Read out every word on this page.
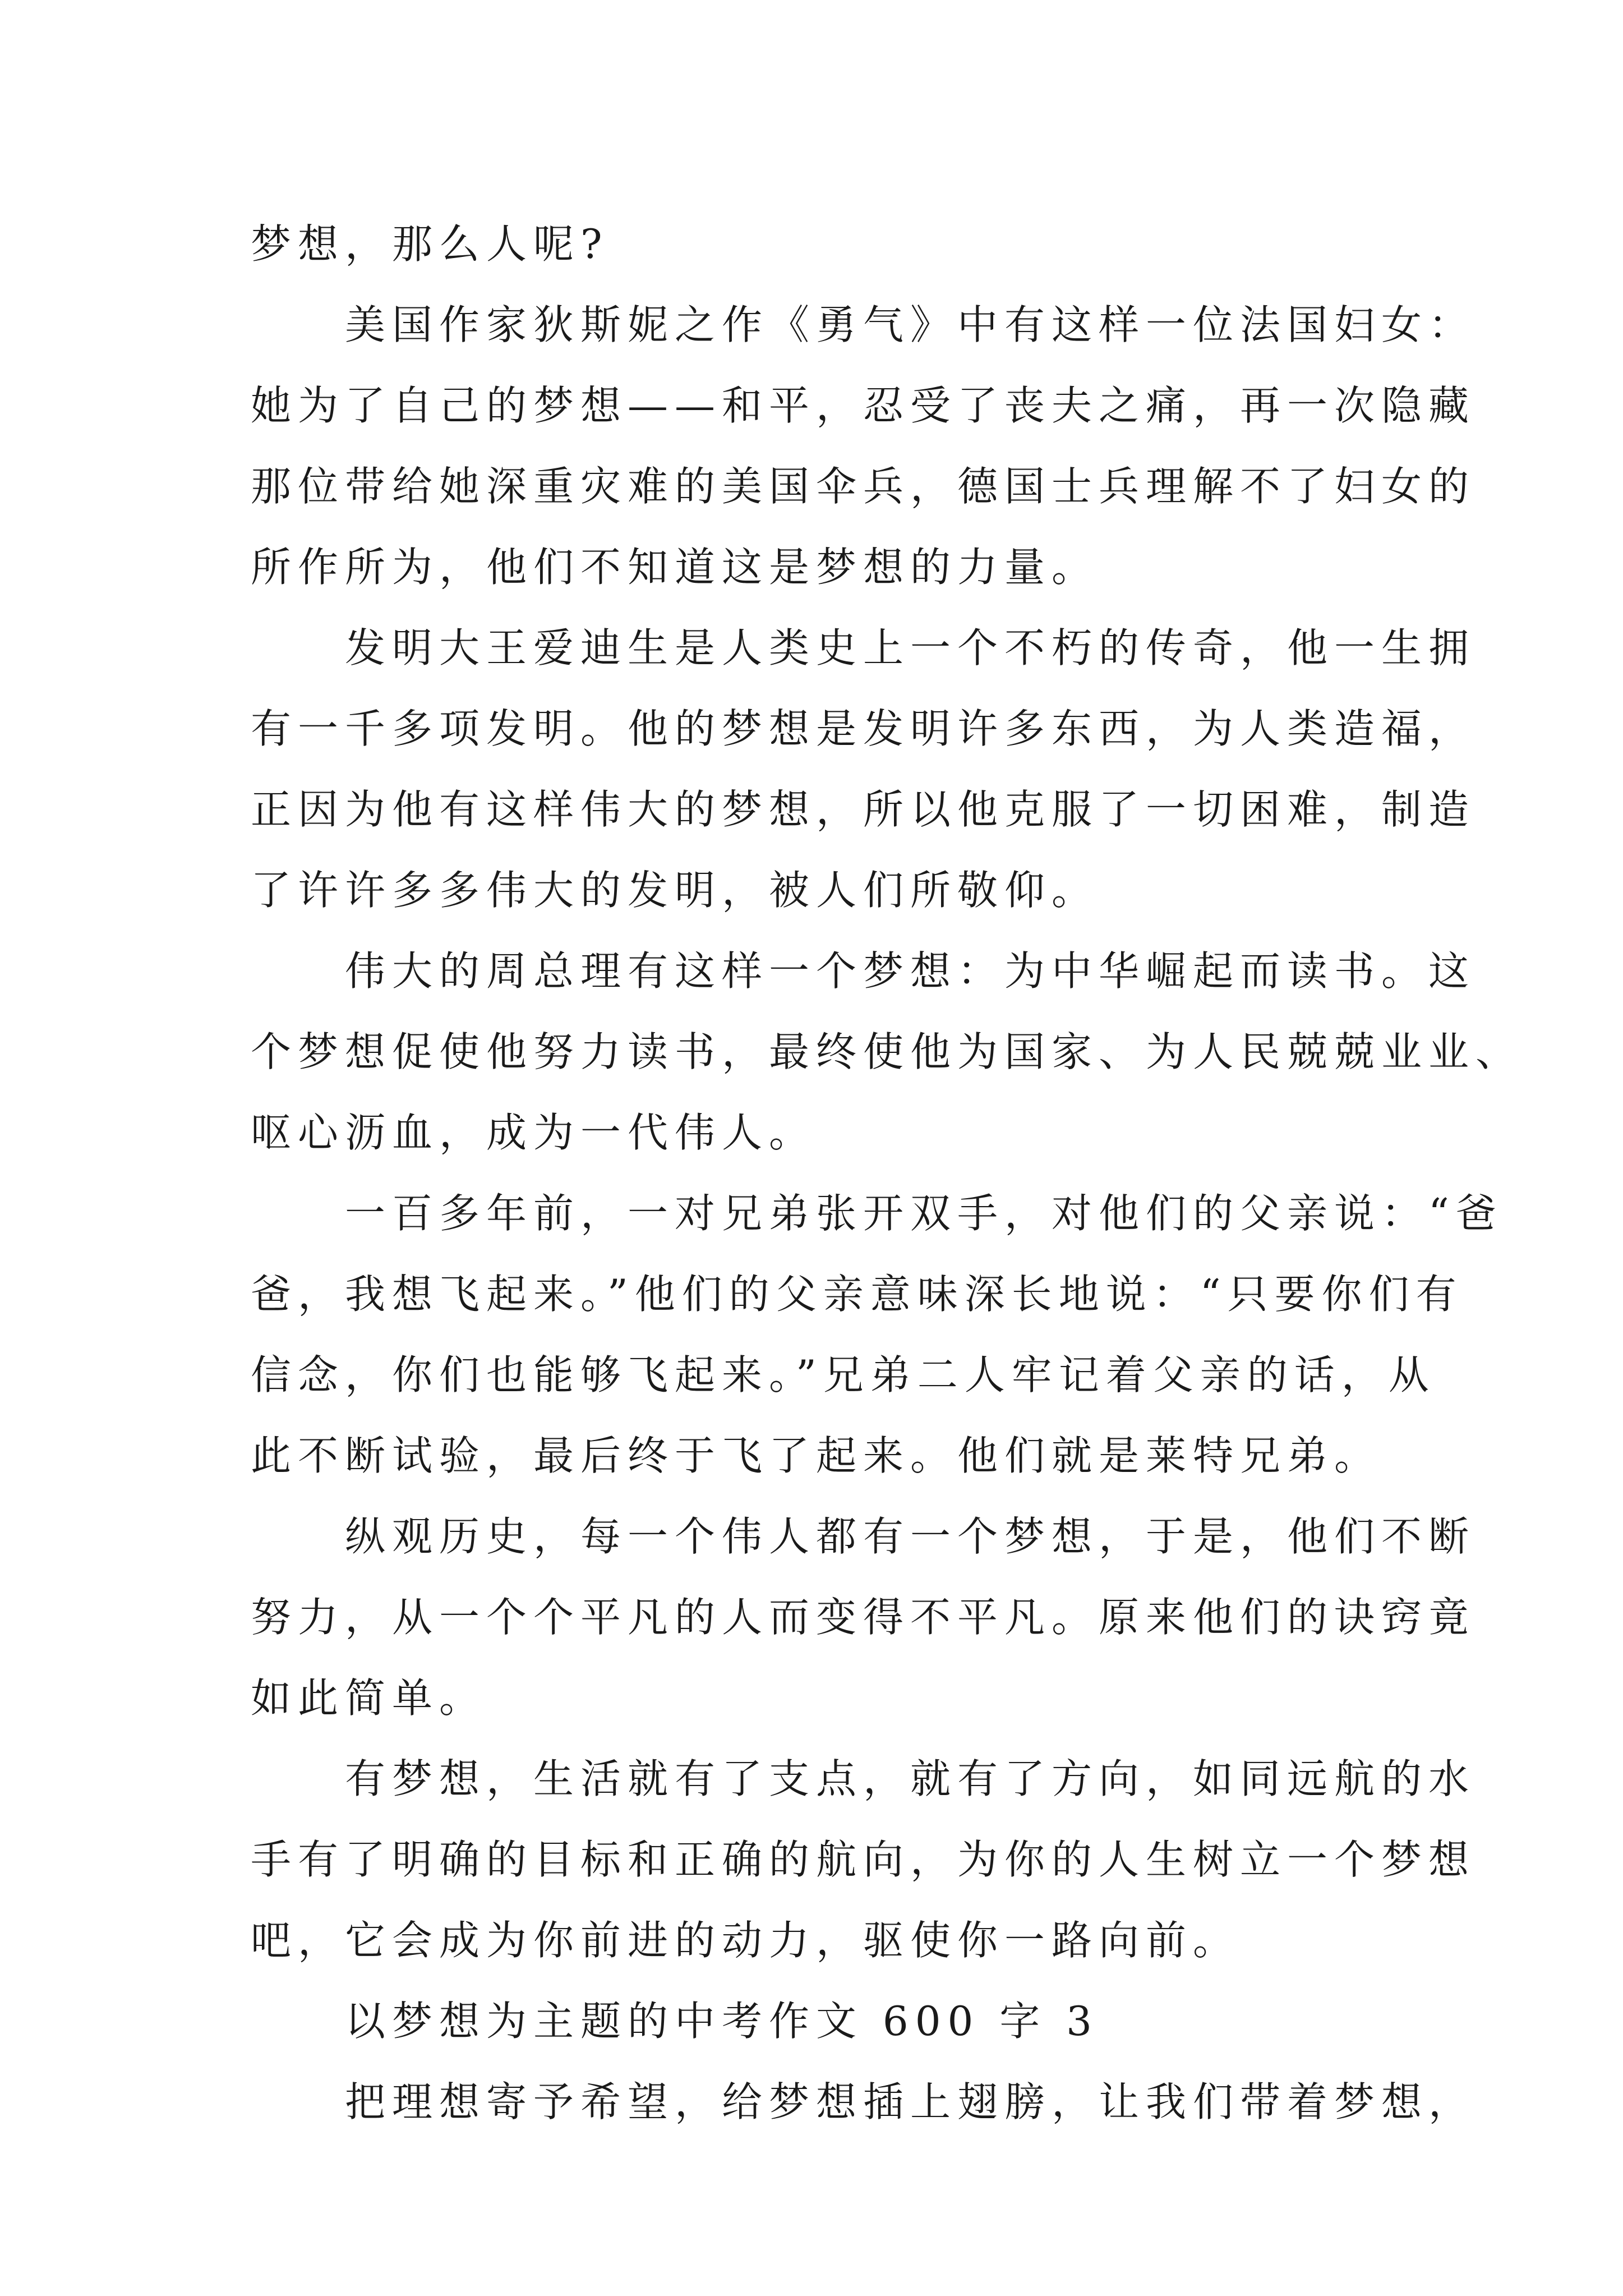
梦想，那么人呢?
美国作家狄斯妮之作《勇气》中有这样一位法国妇女：
她为了自己的梦想——和平，忍受了丧夫之痛，再一次隐藏
那位带给她深重灾难的美国伞兵，德国士兵理解不了妇女的
所作所为，他们不知道这是梦想的力量。
发明大王爱迪生是人类史上一个不朽的传奇，他一生拥
有一千多项发明。他的梦想是发明许多东西，为人类造福，
正因为他有这样伟大的梦想，所以他克服了一切困难，制造
了许许多多伟大的发明，被人们所敬仰。
伟大的周总理有这样一个梦想：为中华崛起而读书。这
个梦想促使他努力读书，最终使他为国家、为人民兢兢业业、
呕心沥血，成为一代伟人。
一百多年前，一对兄弟张开双手，对他们的父亲说：“爸
爸，我想飞起来。”他们的父亲意味深长地说：“只要你们有
信念，你们也能够飞起来。”兄弟二人牢记着父亲的话，从
此不断试验，最后终于飞了起来。他们就是莱特兄弟。
纵观历史，每一个伟人都有一个梦想，于是，他们不断
努力，从一个个平凡的人而变得不平凡。原来他们的诀窍竟
如此简单。
有梦想，生活就有了支点，就有了方向，如同远航的水
手有了明确的目标和正确的航向，为你的人生树立一个梦想
吧，它会成为你前进的动力，驱使你一路向前。
以梦想为主题的中考作文 600 字 3
把理想寄予希望，给梦想插上翅膀，让我们带着梦想，
